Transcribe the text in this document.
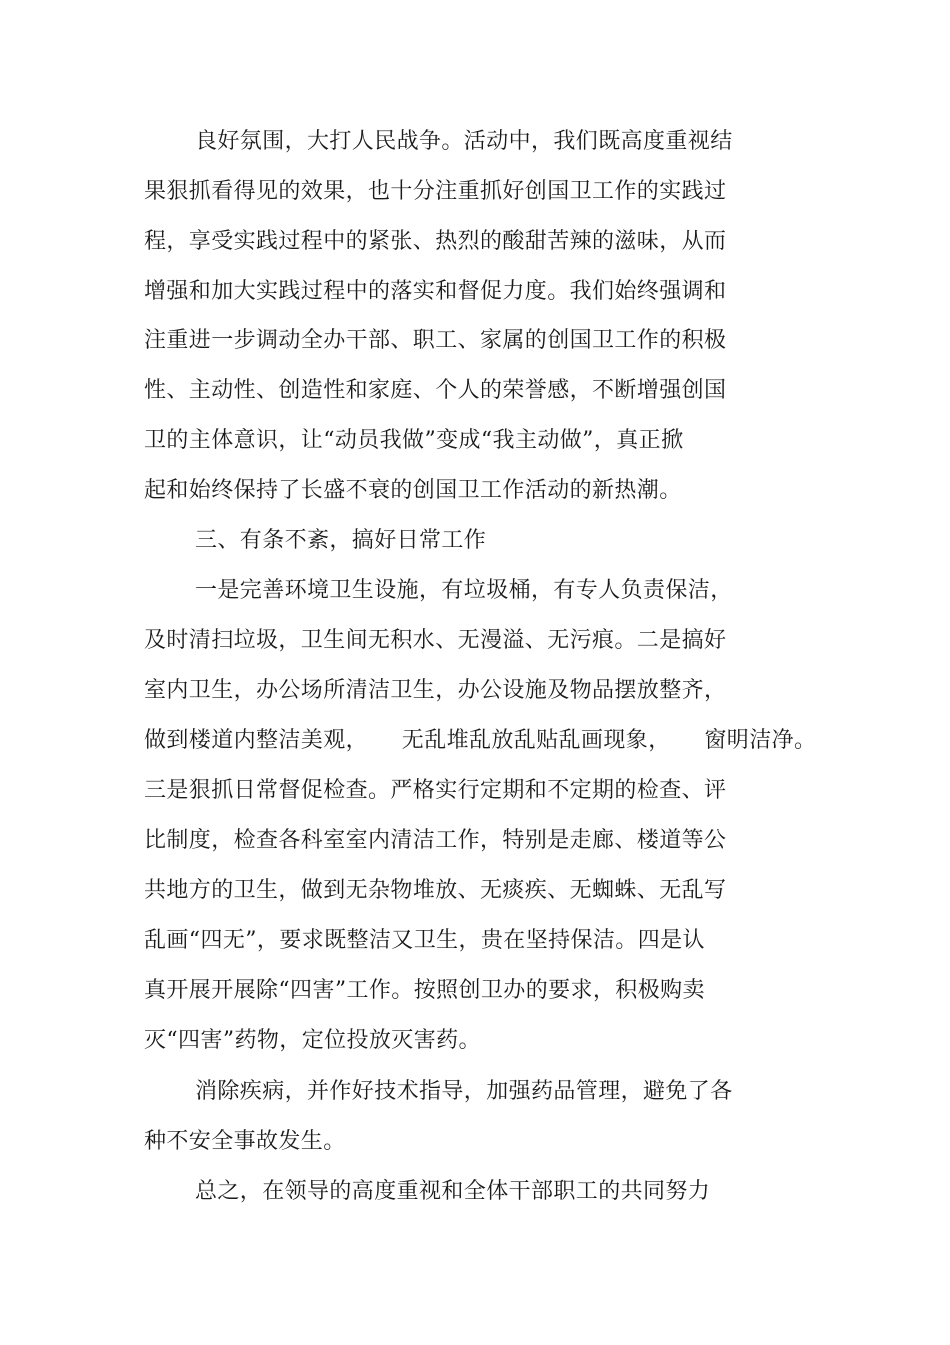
良好氛围，大打人民战争。活动中，我们既高度重视结
果狠抓看得见的效果，也十分注重抓好创国卫工作的实践过
程，享受实践过程中的紧张、热烈的酸甜苦辣的滋味，从而
增强和加大实践过程中的落实和督促力度。我们始终强调和
注重进一步调动全办干部、职工、家属的创国卫工作的积极
性、主动性、创造性和家庭、个人的荣誉感，不断增强创国
卫的主体意识，让“动员我做”变成“我主动做”，真正掀
起和始终保持了长盛不衰的创国卫工作活动的新热潮。
三、有条不紊，搞好日常工作
一是完善环境卫生设施，有垃圾桶，有专人负责保洁，
及时清扫垃圾，卫生间无积水、无漫溢、无污痕。二是搞好
室内卫生，办公场所清洁卫生，办公设施及物品摆放整齐，
做到楼道内整洁美观，　　无乱堆乱放乱贴乱画现象，　　窗明洁净。
三是狠抓日常督促检查。严格实行定期和不定期的检查、评
比制度，检查各科室室内清洁工作，特别是走廊、楼道等公
共地方的卫生，做到无杂物堆放、无痰疾、无蜘蛛、无乱写
乱画“四无”，要求既整洁又卫生，贵在坚持保洁。四是认
真开展开展除“四害”工作。按照创卫办的要求，积极购卖
灭“四害”药物，定位投放灭害药。
消除疾病，并作好技术指导，加强药品管理，避免了各
种不安全事故发生。
总之，在领导的高度重视和全体干部职工的共同努力
